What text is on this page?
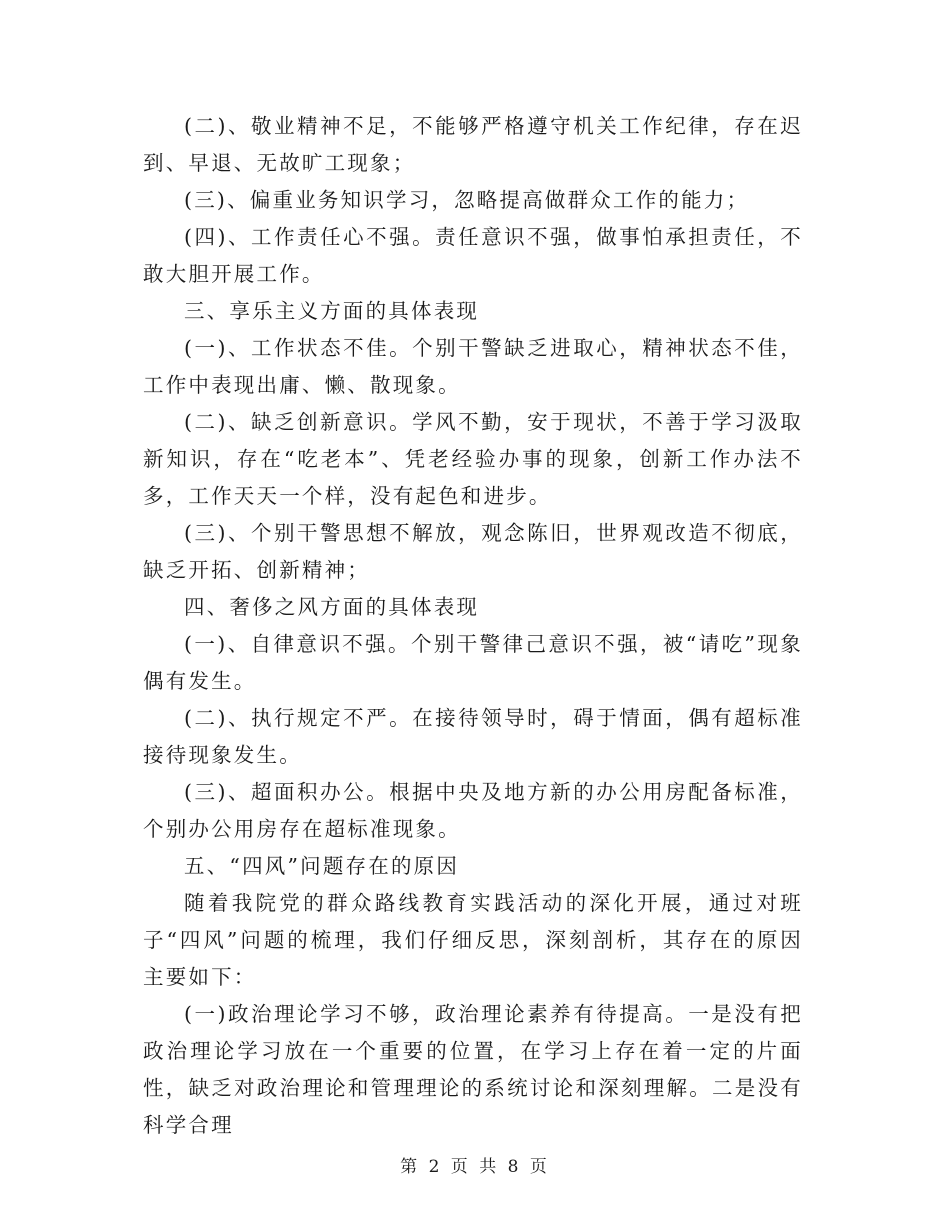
(二)、敬业精神不足，不能够严格遵守机关工作纪律，存在迟到、早退、无故旷工现象；

(三)、偏重业务知识学习，忽略提高做群众工作的能力；

(四)、工作责任心不强。责任意识不强，做事怕承担责任，不敢大胆开展工作。

三、享乐主义方面的具体表现

(一)、工作状态不佳。个别干警缺乏进取心，精神状态不佳，工作中表现出庸、懒、散现象。

(二)、缺乏创新意识。学风不勤，安于现状，不善于学习汲取新知识，存在“吃老本”、凭老经验办事的现象，创新工作办法不多，工作天天一个样，没有起色和进步。

(三)、个别干警思想不解放，观念陈旧，世界观改造不彻底，缺乏开拓、创新精神；

四、奢侈之风方面的具体表现

(一)、自律意识不强。个别干警律己意识不强，被“请吃”现象偶有发生。

(二)、执行规定不严。在接待领导时，碍于情面，偶有超标准接待现象发生。

(三)、超面积办公。根据中央及地方新的办公用房配备标准，个别办公用房存在超标准现象。

五、“四风”问题存在的原因

随着我院党的群众路线教育实践活动的深化开展，通过对班子“四风”问题的梳理，我们仔细反思，深刻剖析，其存在的原因主要如下：

(一)政治理论学习不够，政治理论素养有待提高。一是没有把政治理论学习放在一个重要的位置，在学习上存在着一定的片面性，缺乏对政治理论和管理理论的系统讨论和深刻理解。二是没有科学合理

第 2 页 共 8 页
